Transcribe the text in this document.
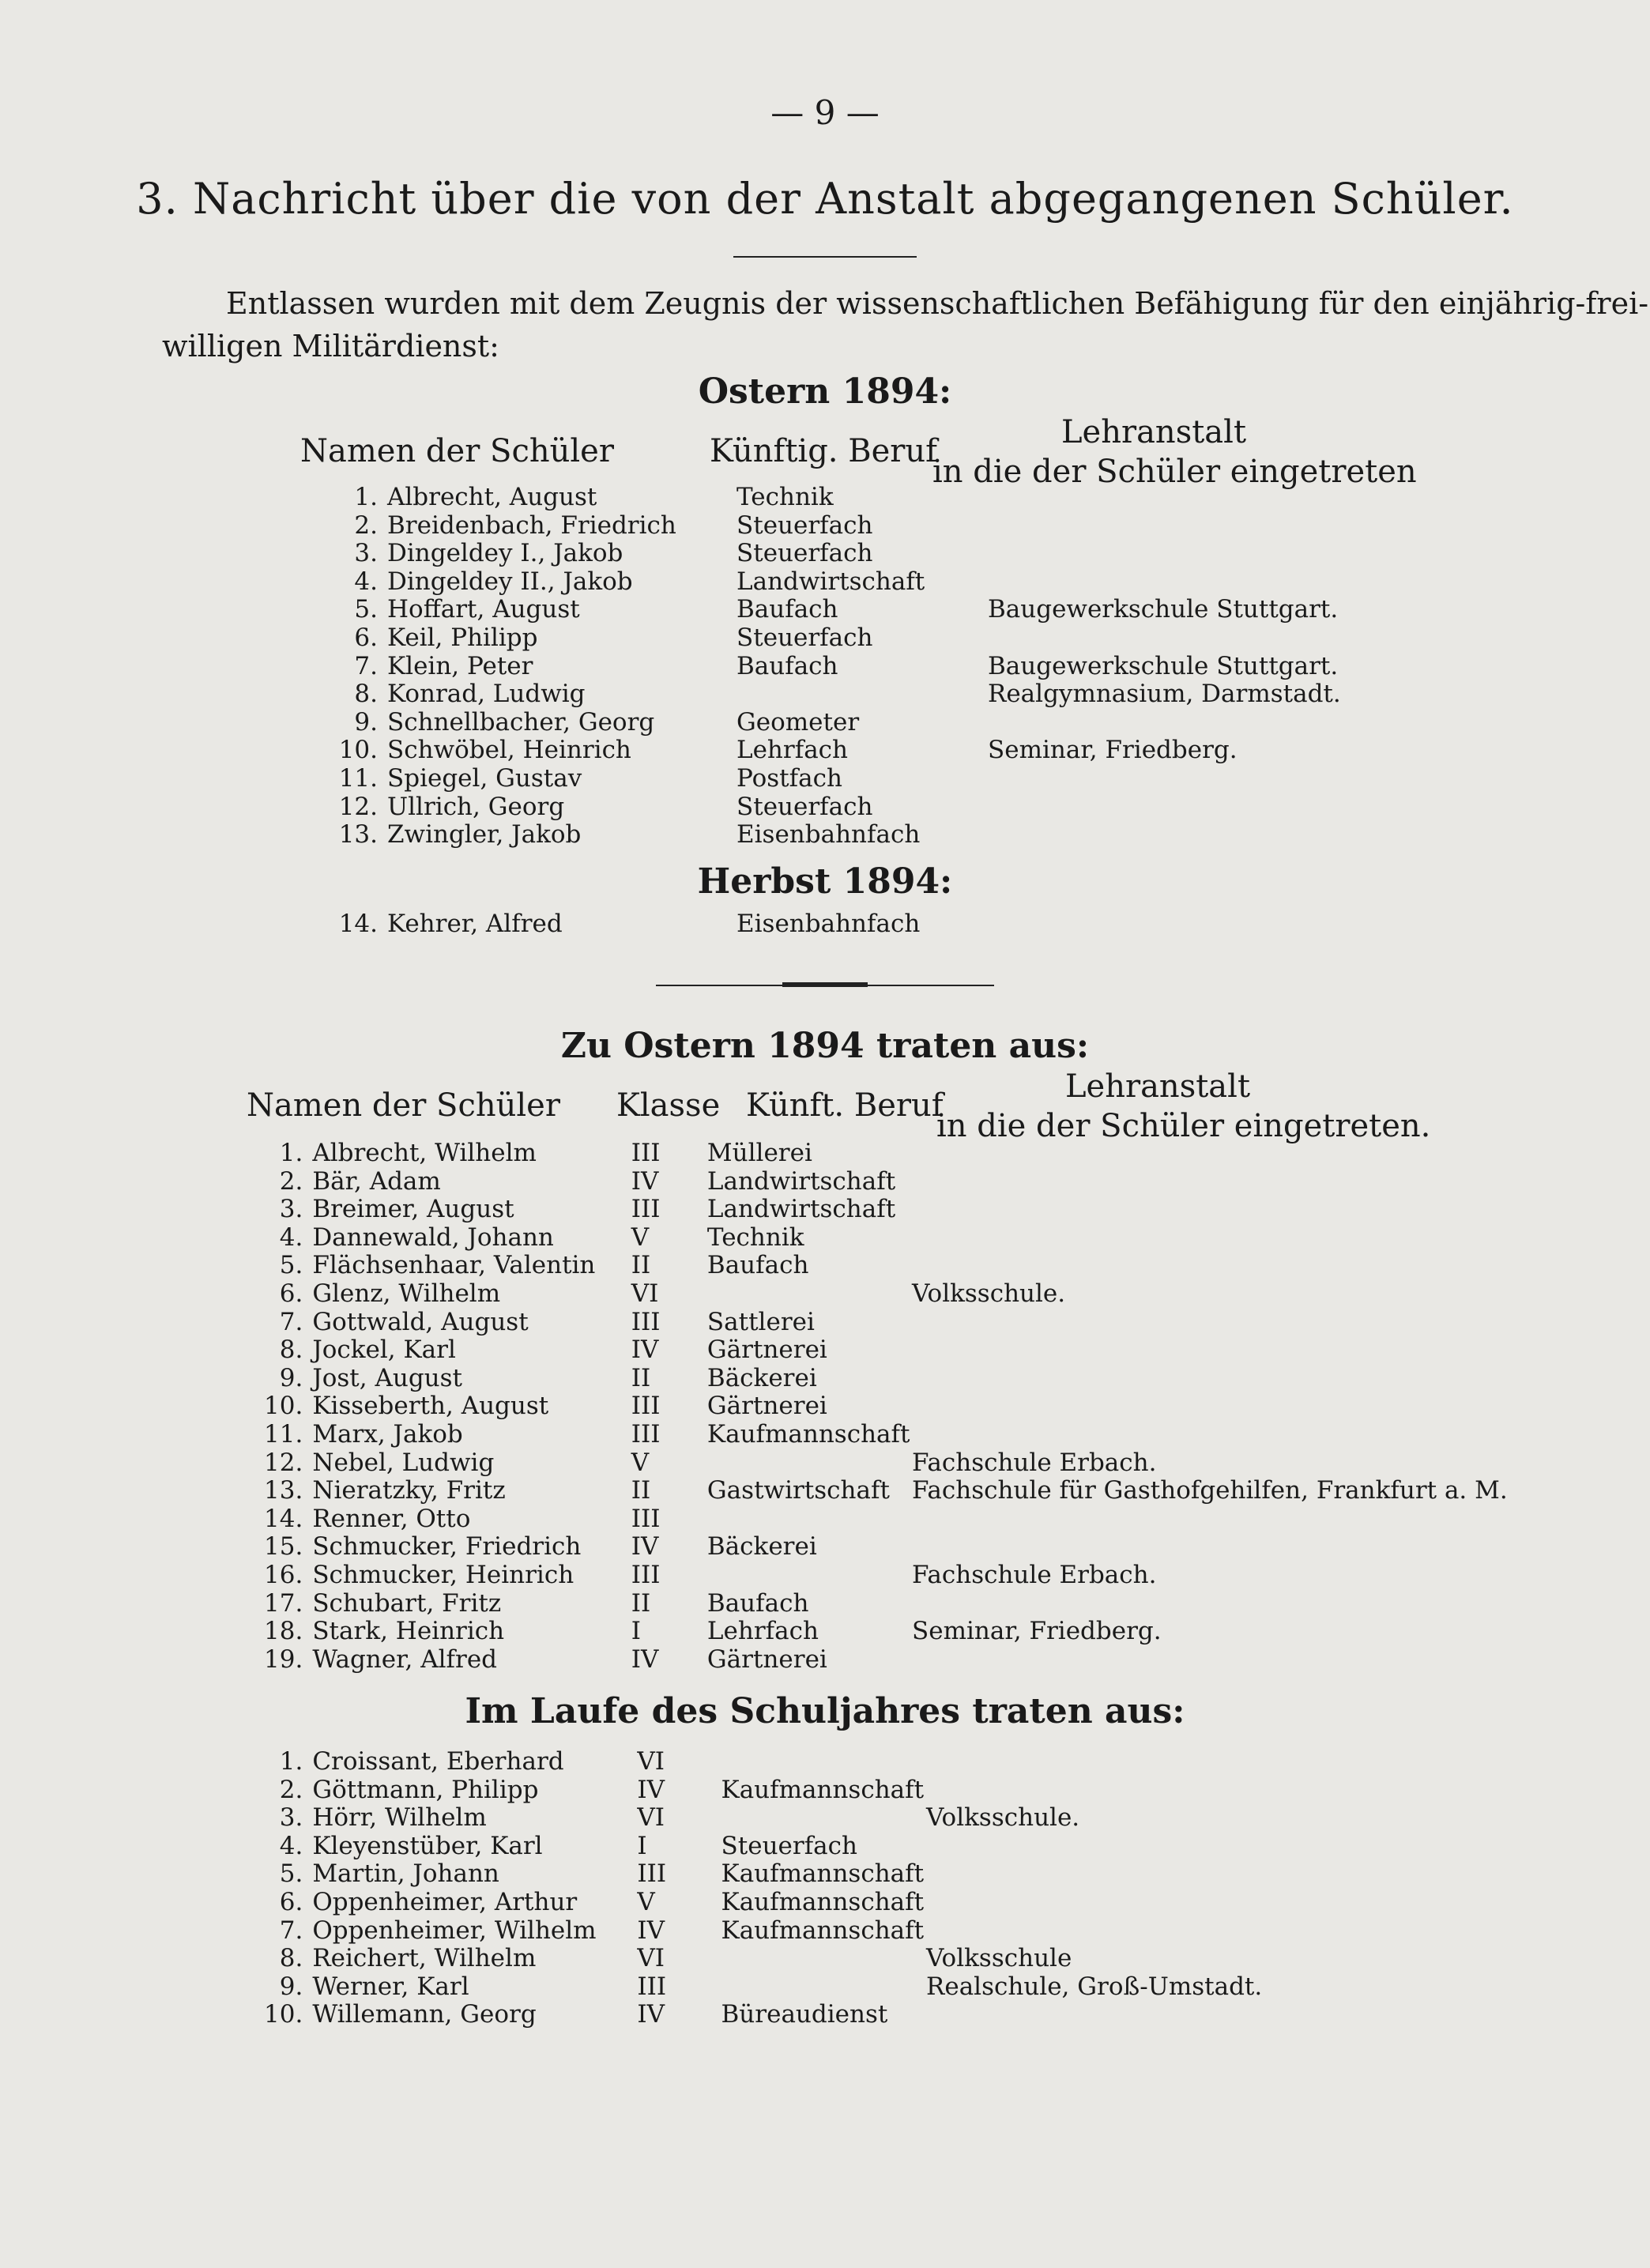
— 9 —
3. Nachricht über die von der Anstalt abgegangenen Schüler.
Entlassen wurden mit dem Zeugnis der wissenschaftlichen Befähigung für den einjährig-frei-
willigen Militärdienst:
Ostern 1894:
Namen der Schüler	Künftig. Beruf
Lehranstalt
in die der Schüler eingetreten
1.	Albrecht, August	Technik	
2.	Breidenbach, Friedrich	Steuerfach	
3.	Dingeldey I., Jakob	Steuerfach	
4.	Dingeldey II., Jakob	Landwirtschaft	
5.	Hoffart, August	Baufach	Baugewerkschule Stuttgart.
6.	Keil, Philipp	Steuerfach	
7.	Klein, Peter	Baufach	Baugewerkschule Stuttgart.
8.	Konrad, Ludwig		Realgymnasium, Darmstadt.
9.	Schnellbacher, Georg	Geometer	
10.	Schwöbel, Heinrich	Lehrfach	Seminar, Friedberg.
11.	Spiegel, Gustav	Postfach	
12.	Ullrich, Georg	Steuerfach	
13.	Zwingler, Jakob	Eisenbahnfach	
Herbst 1894:
14.	Kehrer, Alfred	Eisenbahnfach	
Zu Ostern 1894 traten aus:
Namen der Schüler Klasse Künft. Beruf
Lehranstalt
in die der Schüler eingetreten.
1.	Albrecht, Wilhelm	III	Müllerei	
2.	Bär, Adam	IV	Landwirtschaft	
3.	Breimer, August	III	Landwirtschaft	
4.	Dannewald, Johann	V	Technik	
5.	Flächsenhaar, Valentin	II	Baufach	
6.	Glenz, Wilhelm	VI		Volksschule.
7.	Gottwald, August	III	Sattlerei	
8.	Jockel, Karl	IV	Gärtnerei	
9.	Jost, August	II	Bäckerei	
10.	Kisseberth, August	III	Gärtnerei	
11.	Marx, Jakob	III	Kaufmannschaft	
12.	Nebel, Ludwig	V		Fachschule Erbach.
13.	Nieratzky, Fritz	II	Gastwirtschaft	Fachschule für Gasthofgehilfen, Frankfurt a. M.
14.	Renner, Otto	III		
15.	Schmucker, Friedrich	IV	Bäckerei	
16.	Schmucker, Heinrich	III		Fachschule Erbach.
17.	Schubart, Fritz	II	Baufach	
18.	Stark, Heinrich	I	Lehrfach	Seminar, Friedberg.
19.	Wagner, Alfred	IV	Gärtnerei	
Im Laufe des Schuljahres traten aus:
1.	Croissant, Eberhard	VI		
2.	Göttmann, Philipp	IV	Kaufmannschaft	
3.	Hörr, Wilhelm	VI		Volksschule.
4.	Kleyenstüber, Karl	I	Steuerfach	
5.	Martin, Johann	III	Kaufmannschaft	
6.	Oppenheimer, Arthur	V	Kaufmannschaft	
7.	Oppenheimer, Wilhelm	IV	Kaufmannschaft	
8.	Reichert, Wilhelm	VI		Volksschule
9.	Werner, Karl	III		Realschule, Groß-Umstadt.
10.	Willemann, Georg	IV	Büreaudienst	
